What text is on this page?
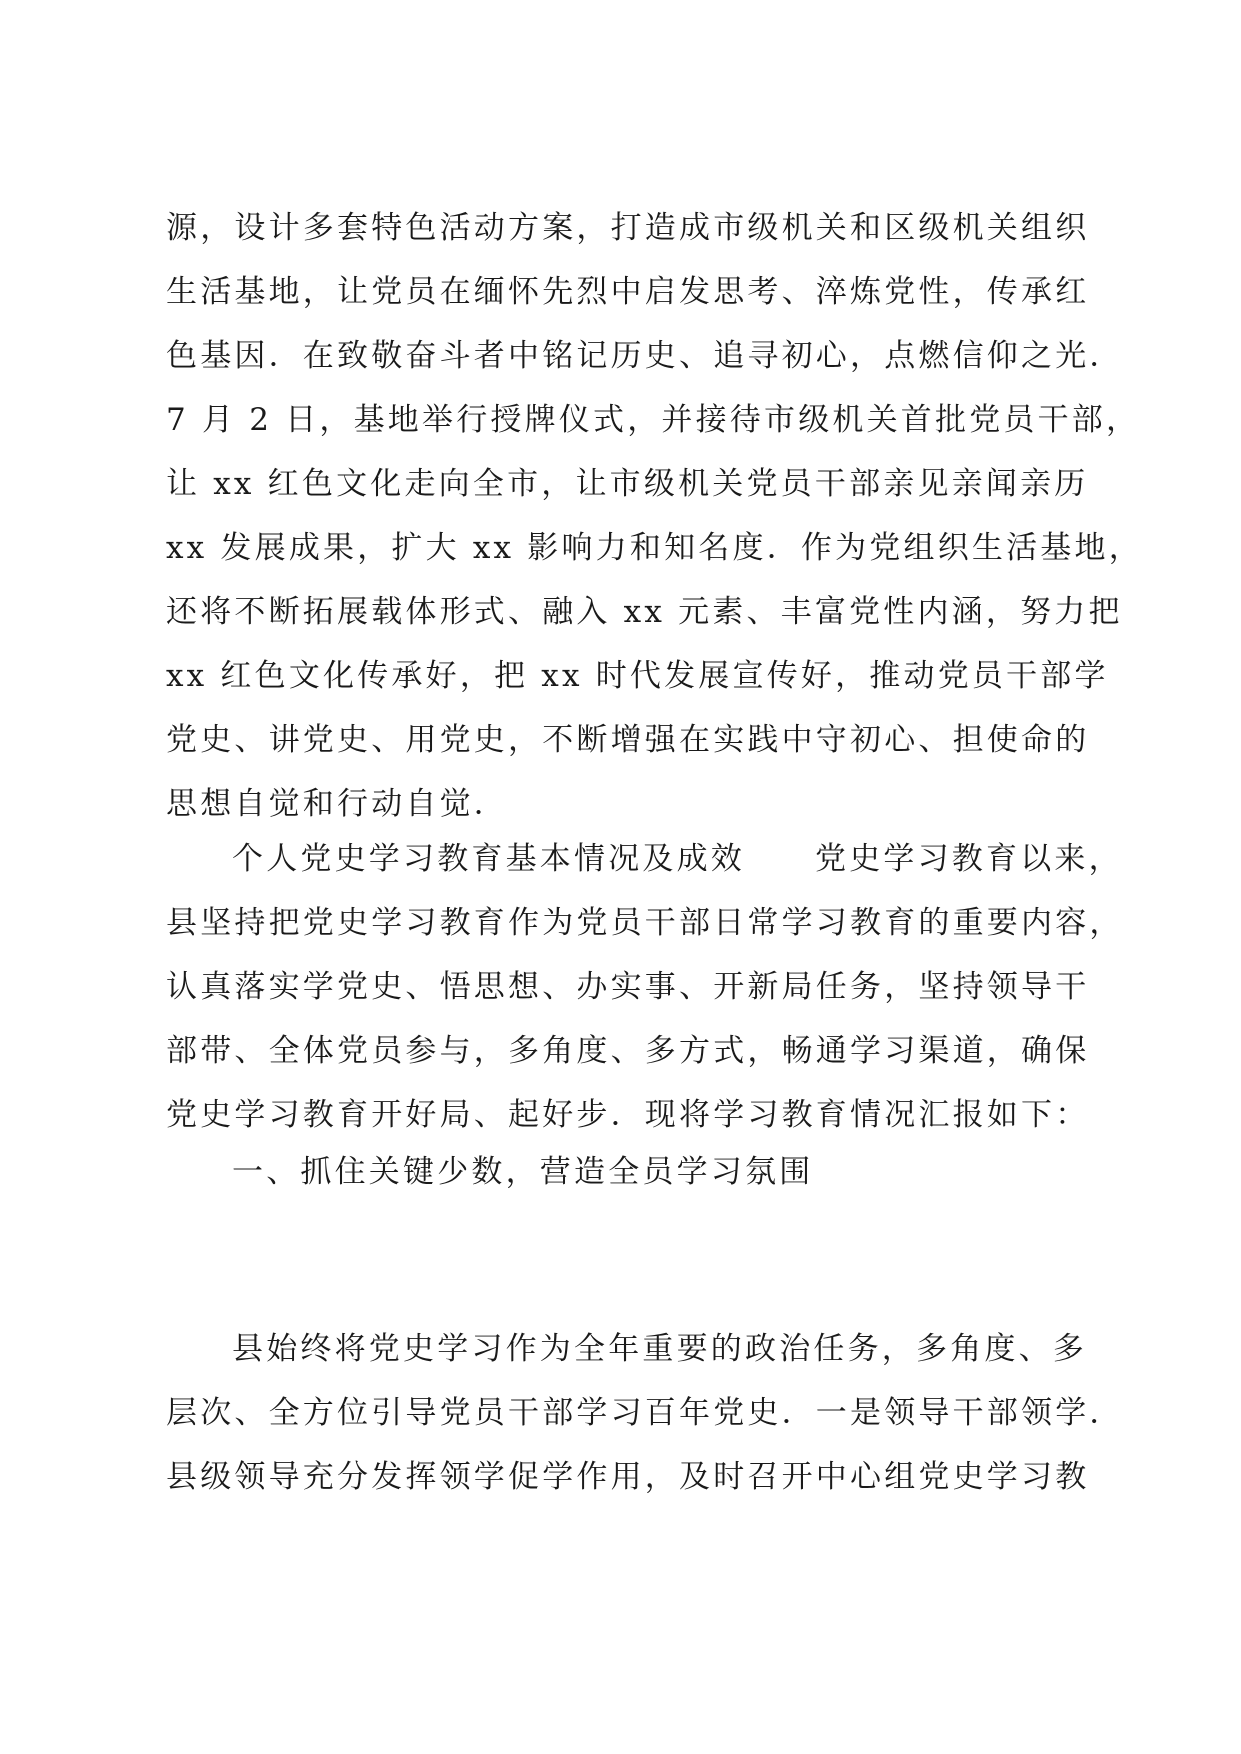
源，设计多套特色活动方案，打造成市级机关和区级机关组织
生活基地，让党员在缅怀先烈中启发思考、淬炼党性，传承红
色基因．在致敬奋斗者中铭记历史、追寻初心，点燃信仰之光．
7 月 2 日，基地举行授牌仪式，并接待市级机关首批党员干部，
让 xx 红色文化走向全市，让市级机关党员干部亲见亲闻亲历
xx 发展成果，扩大 xx 影响力和知名度．作为党组织生活基地，
还将不断拓展载体形式、融入 xx 元素、丰富党性内涵，努力把
xx 红色文化传承好，把 xx 时代发展宣传好，推动党员干部学
党史、讲党史、用党史，不断增强在实践中守初心、担使命的
思想自觉和行动自觉．
个人党史学习教育基本情况及成效 党史学习教育以来，
县坚持把党史学习教育作为党员干部日常学习教育的重要内容，
认真落实学党史、悟思想、办实事、开新局任务，坚持领导干
部带、全体党员参与，多角度、多方式，畅通学习渠道，确保
党史学习教育开好局、起好步．现将学习教育情况汇报如下：
一、抓住关键少数，营造全员学习氛围
县始终将党史学习作为全年重要的政治任务，多角度、多
层次、全方位引导党员干部学习百年党史．一是领导干部领学．
县级领导充分发挥领学促学作用，及时召开中心组党史学习教
